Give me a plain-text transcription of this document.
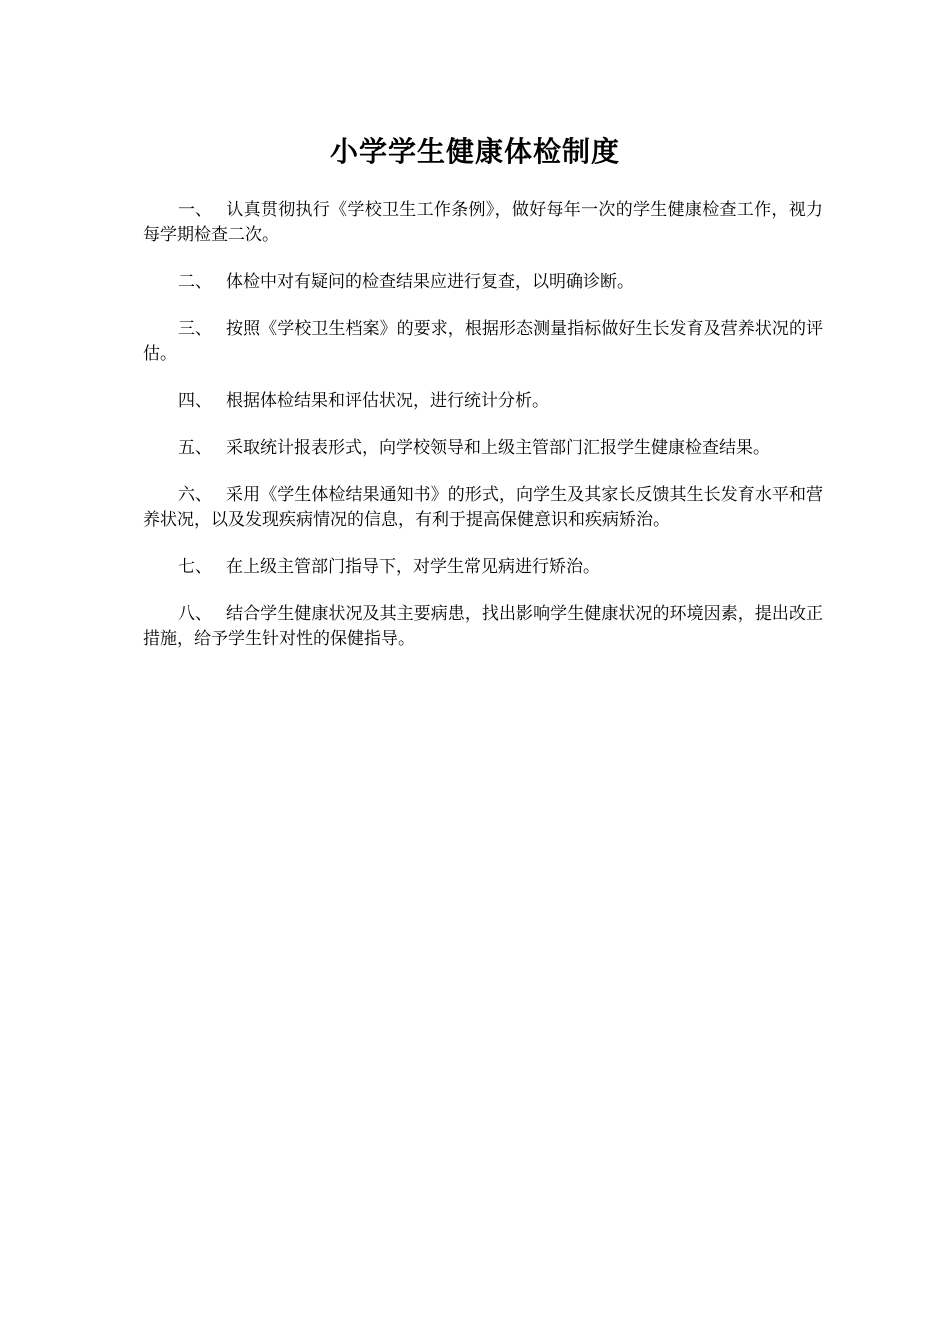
小学学生健康体检制度

一、 认真贯彻执行《学校卫生工作条例》，做好每年一次的学生健康检查工作，视力每学期检查二次。

二、 体检中对有疑问的检查结果应进行复查，以明确诊断。

三、 按照《学校卫生档案》的要求，根据形态测量指标做好生长发育及营养状况的评估。

四、 根据体检结果和评估状况，进行统计分析。

五、 采取统计报表形式，向学校领导和上级主管部门汇报学生健康检查结果。

六、 采用《学生体检结果通知书》的形式，向学生及其家长反馈其生长发育水平和营养状况，以及发现疾病情况的信息，有利于提高保健意识和疾病矫治。

七、 在上级主管部门指导下，对学生常见病进行矫治。

八、 结合学生健康状况及其主要病患，找出影响学生健康状况的环境因素，提出改正措施，给予学生针对性的保健指导。
